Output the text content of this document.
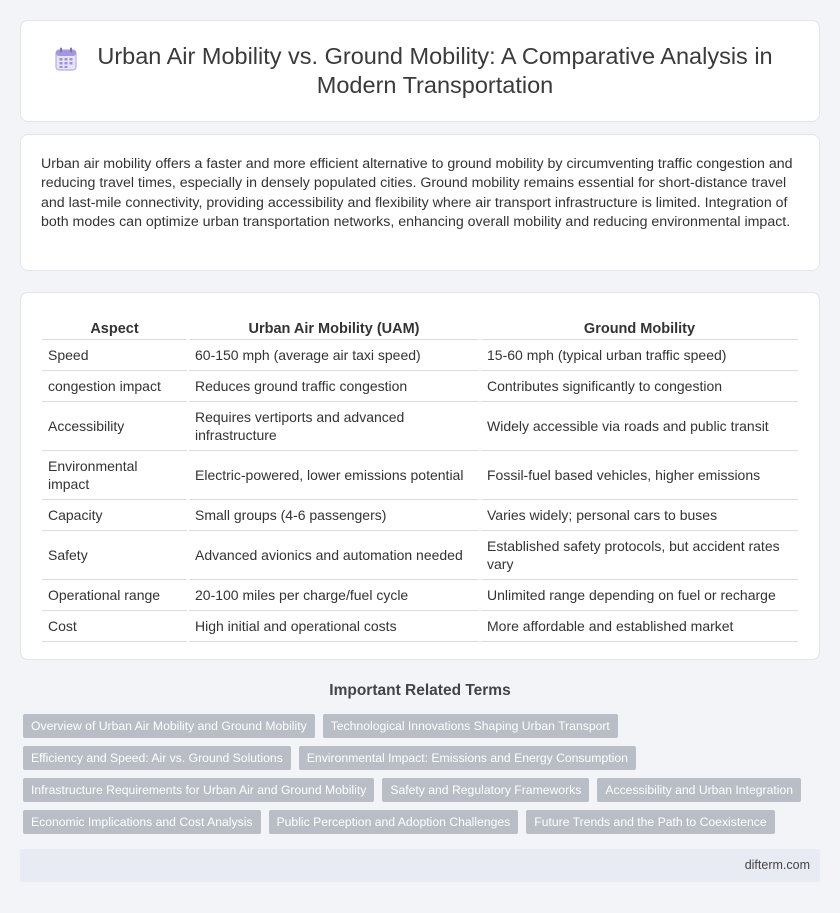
Urban Air Mobility vs. Ground Mobility: A Comparative Analysis in Modern Transportation

Urban air mobility offers a faster and more efficient alternative to ground mobility by circumventing traffic congestion and reducing travel times, especially in densely populated cities. Ground mobility remains essential for short-distance travel and last-mile connectivity, providing accessibility and flexibility where air transport infrastructure is limited. Integration of both modes can optimize urban transportation networks, enhancing overall mobility and reducing environmental impact.

Aspect	Urban Air Mobility (UAM)	Ground Mobility
Speed	60-150 mph (average air taxi speed)	15-60 mph (typical urban traffic speed)
congestion impact	Reduces ground traffic congestion	Contributes significantly to congestion
Accessibility	Requires vertiports and advanced infrastructure	Widely accessible via roads and public transit
Environmental impact	Electric-powered, lower emissions potential	Fossil-fuel based vehicles, higher emissions
Capacity	Small groups (4-6 passengers)	Varies widely; personal cars to buses
Safety	Advanced avionics and automation needed	Established safety protocols, but accident rates vary
Operational range	20-100 miles per charge/fuel cycle	Unlimited range depending on fuel or recharge
Cost	High initial and operational costs	More affordable and established market
Important Related Terms
Overview of Urban Air Mobility and Ground Mobility	Technological Innovations Shaping Urban Transport
Efficiency and Speed: Air vs. Ground Solutions	Environmental Impact: Emissions and Energy Consumption
Infrastructure Requirements for Urban Air and Ground Mobility	Safety and Regulatory Frameworks	Accessibility and Urban Integration
Economic Implications and Cost Analysis	Public Perception and Adoption Challenges	Future Trends and the Path to Coexistence
difterm.com
